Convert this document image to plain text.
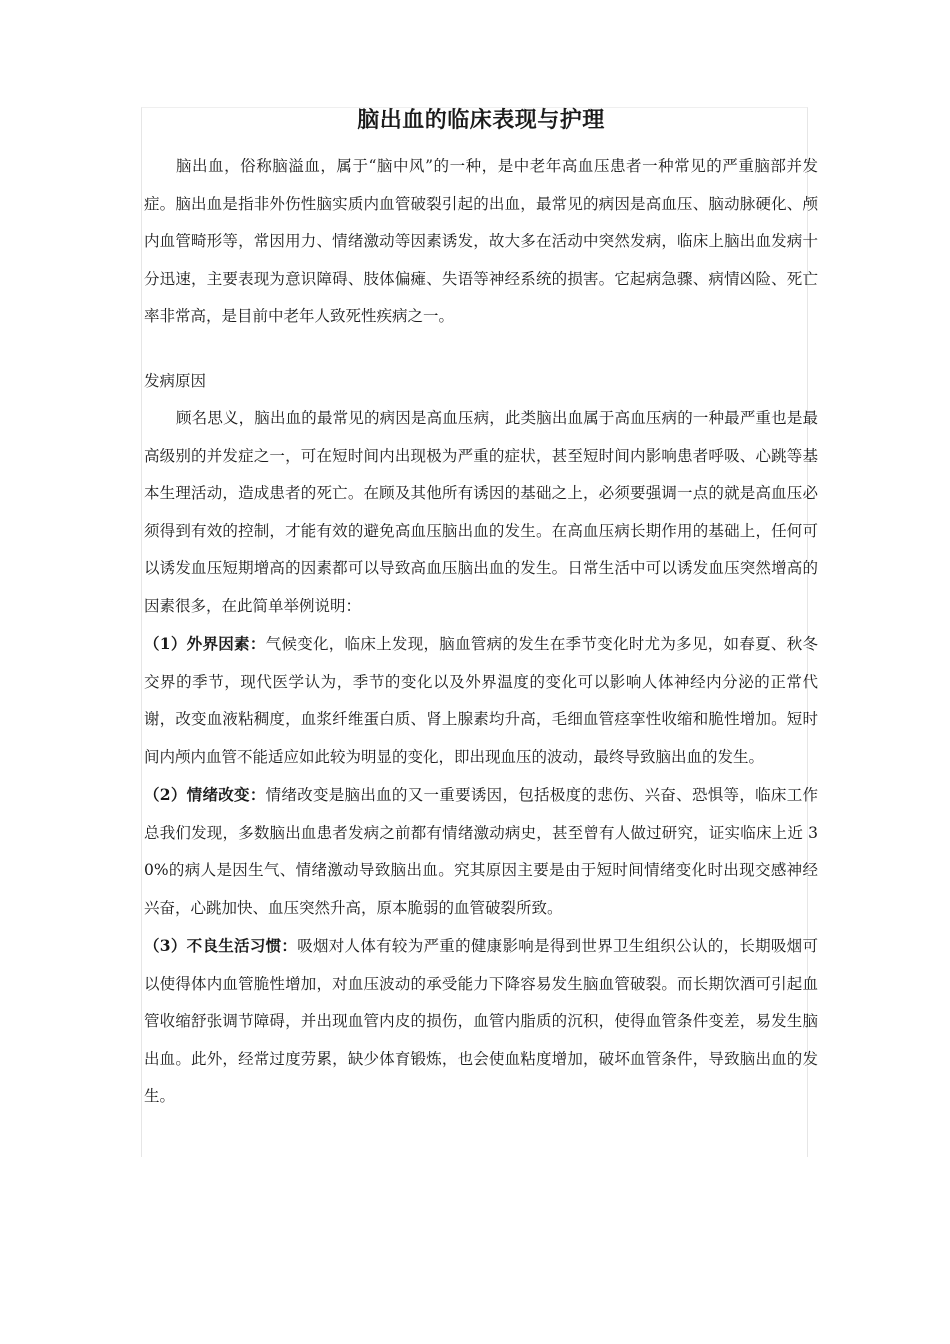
脑出血的临床表现与护理

脑出血，俗称脑溢血，属于“脑中风”的一种，是中老年高血压患者一种常见的严重脑部并发症。脑出血是指非外伤性脑实质内血管破裂引起的出血，最常见的病因是高血压、脑动脉硬化、颅内血管畸形等，常因用力、情绪激动等因素诱发，故大多在活动中突然发病，临床上脑出血发病十分迅速，主要表现为意识障碍、肢体偏瘫、失语等神经系统的损害。它起病急骤、病情凶险、死亡率非常高，是目前中老年人致死性疾病之一。

发病原因

顾名思义，脑出血的最常见的病因是高血压病，此类脑出血属于高血压病的一种最严重也是最高级别的并发症之一，可在短时间内出现极为严重的症状，甚至短时间内影响患者呼吸、心跳等基本生理活动，造成患者的死亡。在顾及其他所有诱因的基础之上，必须要强调一点的就是高血压必须得到有效的控制，才能有效的避免高血压脑出血的发生。在高血压病长期作用的基础上，任何可以诱发血压短期增高的因素都可以导致高血压脑出血的发生。日常生活中可以诱发血压突然增高的因素很多，在此简单举例说明：

（1）外界因素：气候变化，临床上发现，脑血管病的发生在季节变化时尤为多见，如春夏、秋冬交界的季节，现代医学认为，季节的变化以及外界温度的变化可以影响人体神经内分泌的正常代谢，改变血液粘稠度，血浆纤维蛋白质、肾上腺素均升高，毛细血管痉挛性收缩和脆性增加。短时间内颅内血管不能适应如此较为明显的变化，即出现血压的波动，最终导致脑出血的发生。

（2）情绪改变：情绪改变是脑出血的又一重要诱因，包括极度的悲伤、兴奋、恐惧等，临床工作总我们发现，多数脑出血患者发病之前都有情绪激动病史，甚至曾有人做过研究，证实临床上近 30%的病人是因生气、情绪激动导致脑出血。究其原因主要是由于短时间情绪变化时出现交感神经兴奋，心跳加快、血压突然升高，原本脆弱的血管破裂所致。

（3）不良生活习惯：吸烟对人体有较为严重的健康影响是得到世界卫生组织公认的，长期吸烟可以使得体内血管脆性增加，对血压波动的承受能力下降容易发生脑血管破裂。而长期饮酒可引起血管收缩舒张调节障碍，并出现血管内皮的损伤，血管内脂质的沉积，使得血管条件变差，易发生脑出血。此外，经常过度劳累，缺少体育锻炼，也会使血粘度增加，破坏血管条件，导致脑出血的发生。
